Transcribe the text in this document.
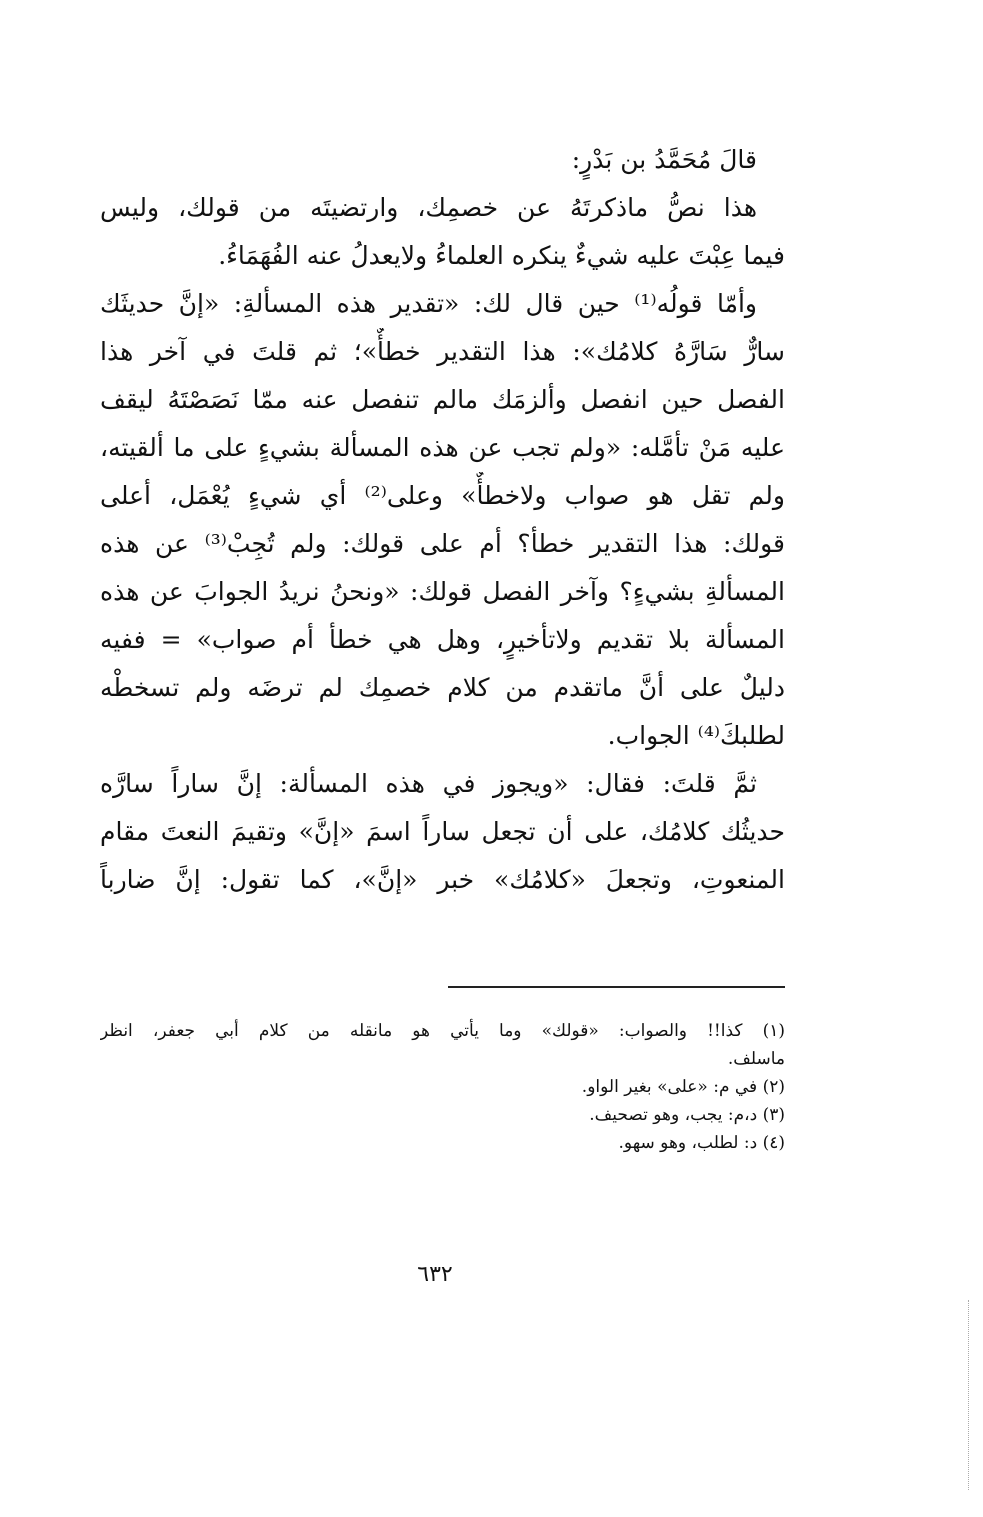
قالَ مُحَمَّدُ بن بَدْرٍ:
هذا نصُّ ماذكرتَهُ عن خصمِك، وارتضيتَه من قولك، وليس
فيما عِبْتَ عليه شيءٌ ينكره العلماءُ ولايعدلُ عنه الفُهَمَاءُ.
وأمّا قولُه⁽¹⁾ حين قال لك: «تقدير هذه المسألةِ: «إنَّ حديثَك
سارٌّ سَارَّهُ كلامُك»: هذا التقدير خطأٌ»؛ ثم قلتَ في آخر هذا
الفصل حين انفصل وألزمَك مالم تنفصل عنه ممّا نَصَصْتَهُ ليقف
عليه مَنْ تأمَّله: «ولم تجب عن هذه المسألة بشيءٍ على ما ألقيته،
ولم تقل هو صواب ولاخطأٌ» وعلى⁽²⁾ أي شيءٍ يُعْمَل، أعلى
قولك: هذا التقدير خطأ؟ أم على قولك: ولم تُجِبْ⁽³⁾ عن هذه
المسألةِ بشيءٍ؟ وآخر الفصل قولك: «ونحنُ نريدُ الجوابَ عن هذه
المسألة بلا تقديم ولاتأخيرٍ، وهل هي خطأ أم صواب» = ففيه
دليلٌ على أنَّ ماتقدم من كلام خصمِك لم ترضَه ولم تسخطْه
لطلبكَ⁽⁴⁾ الجواب.
ثمَّ قلتَ: فقال: «ويجوز في هذه المسألة: إنَّ ساراً سارَّه
حديثُك كلامُك، على أن تجعل ساراً اسمَ «إنَّ» وتقيمَ النعتَ مقام
المنعوتِ، وتجعلَ «كلامُك» خبر «إنَّ»، كما تقول: إنَّ ضارباً
(١) كذا!! والصواب: «قولك» وما يأتي هو مانقله من كلام أبي جعفر، انظر
ماسلف.
(٢) في م: «على» بغير الواو.
(٣) د،م: يجب، وهو تصحيف.
(٤) د: لطلب، وهو سهو.
٦٣٢
